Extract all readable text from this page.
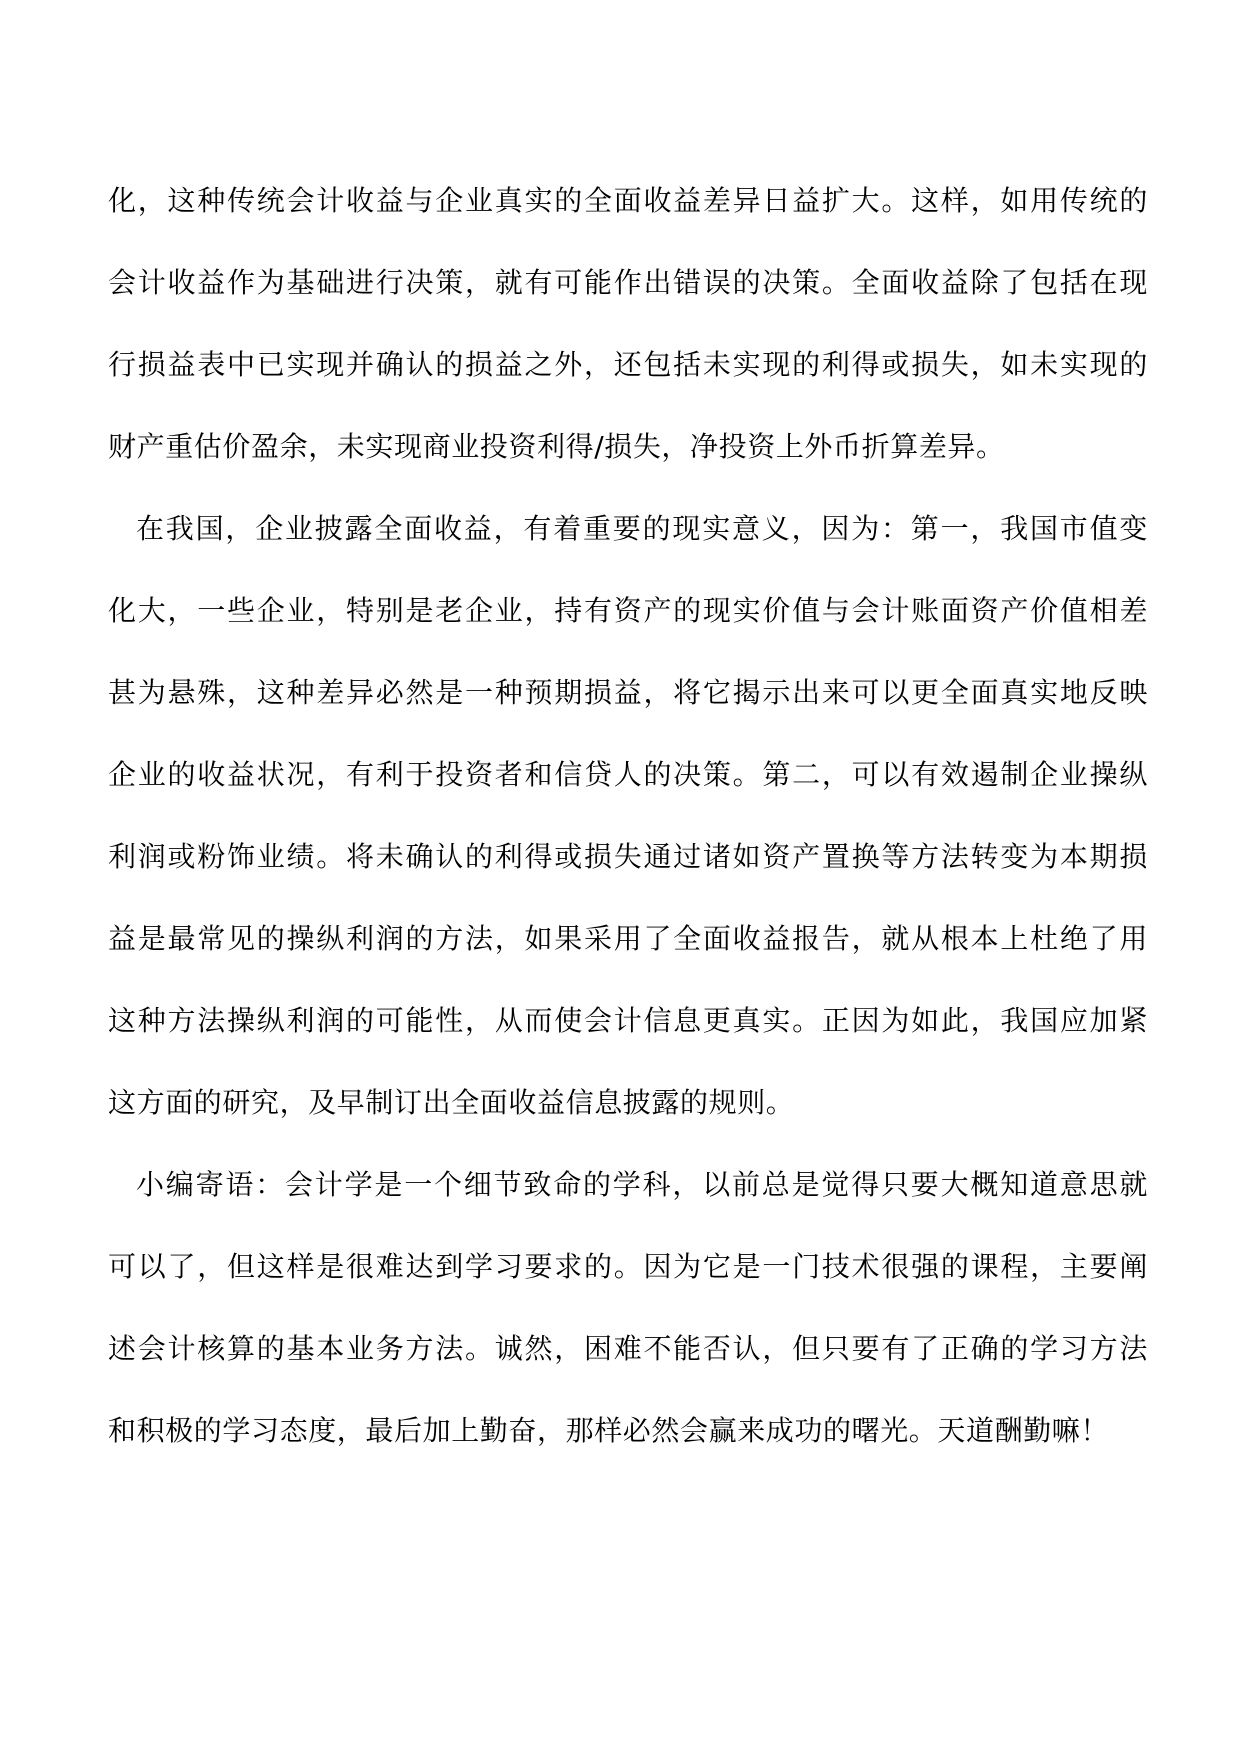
化，这种传统会计收益与企业真实的全面收益差异日益扩大。这样，如用传统的
会计收益作为基础进行决策，就有可能作出错误的决策。全面收益除了包括在现
行损益表中已实现并确认的损益之外，还包括未实现的利得或损失，如未实现的
财产重估价盈余，未实现商业投资利得/损失，净投资上外币折算差异。
在我国，企业披露全面收益，有着重要的现实意义，因为：第一，我国市值变
化大，一些企业，特别是老企业，持有资产的现实价值与会计账面资产价值相差
甚为悬殊，这种差异必然是一种预期损益，将它揭示出来可以更全面真实地反映
企业的收益状况，有利于投资者和信贷人的决策。第二，可以有效遏制企业操纵
利润或粉饰业绩。将未确认的利得或损失通过诸如资产置换等方法转变为本期损
益是最常见的操纵利润的方法，如果采用了全面收益报告，就从根本上杜绝了用
这种方法操纵利润的可能性，从而使会计信息更真实。正因为如此，我国应加紧
这方面的研究，及早制订出全面收益信息披露的规则。
小编寄语：会计学是一个细节致命的学科，以前总是觉得只要大概知道意思就
可以了，但这样是很难达到学习要求的。因为它是一门技术很强的课程，主要阐
述会计核算的基本业务方法。诚然，困难不能否认，但只要有了正确的学习方法
和积极的学习态度，最后加上勤奋，那样必然会赢来成功的曙光。天道酬勤嘛！
